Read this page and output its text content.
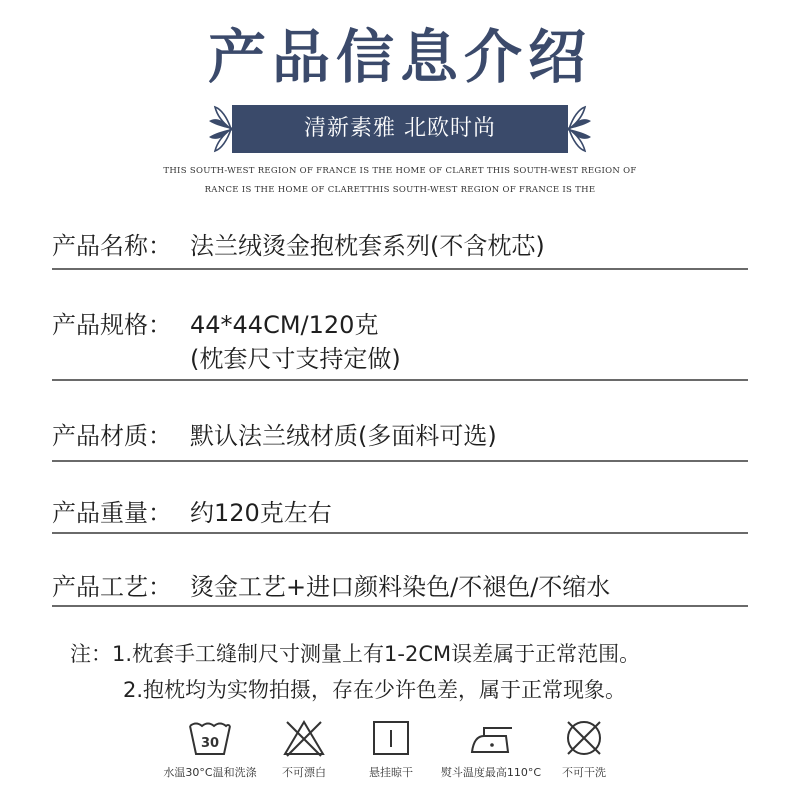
产品信息介绍
清新素雅 北欧时尚
THIS SOUTH-WEST REGION OF FRANCE IS THE HOME OF CLARET THIS SOUTH-WEST REGION OF
RANCE IS THE HOME OF CLARETTHIS SOUTH-WEST REGION OF FRANCE IS THE
产品名称： 法兰绒烫金抱枕套系列(不含枕芯)
产品规格： 44*44CM/120克
(枕套尺寸支持定做)
产品材质： 默认法兰绒材质(多面料可选)
产品重量： 约120克左右
产品工艺： 烫金工艺+进口颜料染色/不褪色/不缩水
注：1.枕套手工缝制尺寸测量上有1-2CM误差属于正常范围。
2.抱枕均为实物拍摄，存在少许色差，属于正常现象。
30
水温30°C温和洗涤	不可漂白	悬挂晾干	熨斗温度最高110°C	不可干洗
